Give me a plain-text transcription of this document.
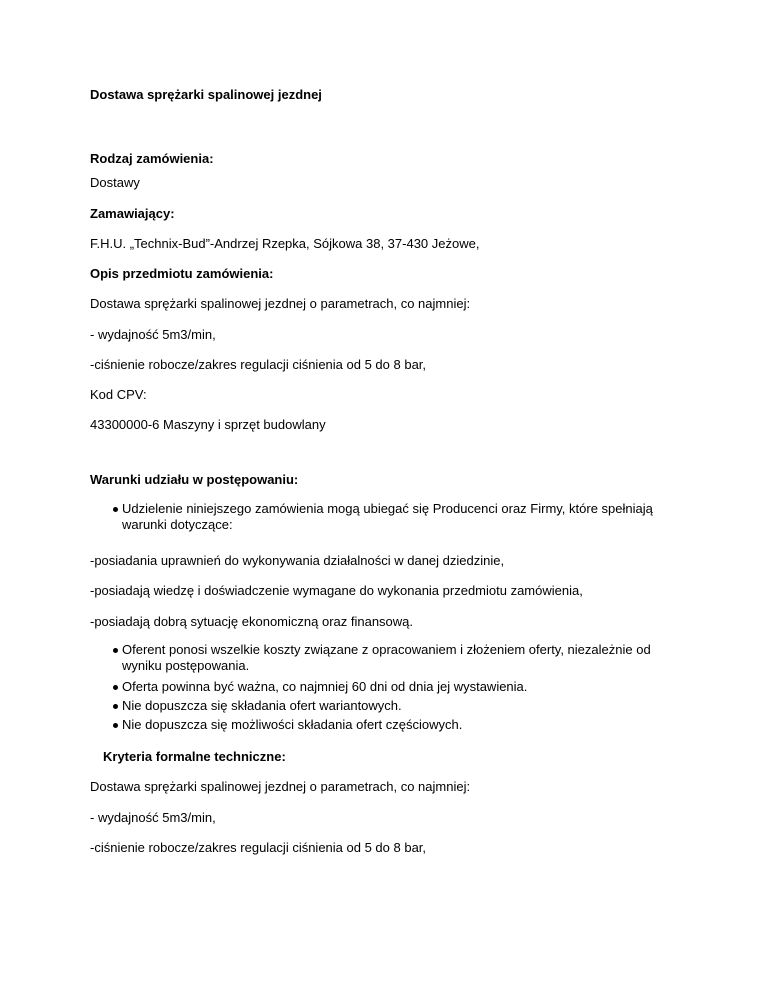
Dostawa sprężarki spalinowej jezdnej
Rodzaj zamówienia:
Dostawy
Zamawiający:
F.H.U. „Technix-Bud”-Andrzej Rzepka, Sójkowa 38, 37-430 Jeżowe,
Opis przedmiotu zamówienia:
Dostawa sprężarki spalinowej jezdnej o parametrach, co najmniej:
- wydajność 5m3/min,
-ciśnienie robocze/zakres regulacji ciśnienia od 5 do 8 bar,
Kod CPV:
43300000-6 Maszyny i sprzęt budowlany
Warunki udziału w postępowaniu:
Udzielenie niniejszego zamówienia mogą ubiegać się Producenci oraz Firmy, które spełniają warunki dotyczące:
-posiadania uprawnień do wykonywania działalności w danej dziedzinie,
-posiadają wiedzę i doświadczenie wymagane do wykonania przedmiotu zamówienia,
-posiadają dobrą sytuację ekonomiczną oraz finansową.
Oferent ponosi wszelkie koszty związane z opracowaniem i złożeniem oferty, niezależnie od wyniku postępowania.
Oferta powinna być ważna, co najmniej 60 dni od dnia jej wystawienia.
Nie dopuszcza się składania ofert wariantowych.
Nie dopuszcza się możliwości składania ofert częściowych.
Kryteria formalne techniczne:
Dostawa sprężarki spalinowej jezdnej o parametrach, co najmniej:
- wydajność 5m3/min,
-ciśnienie robocze/zakres regulacji ciśnienia od 5 do 8 bar,
